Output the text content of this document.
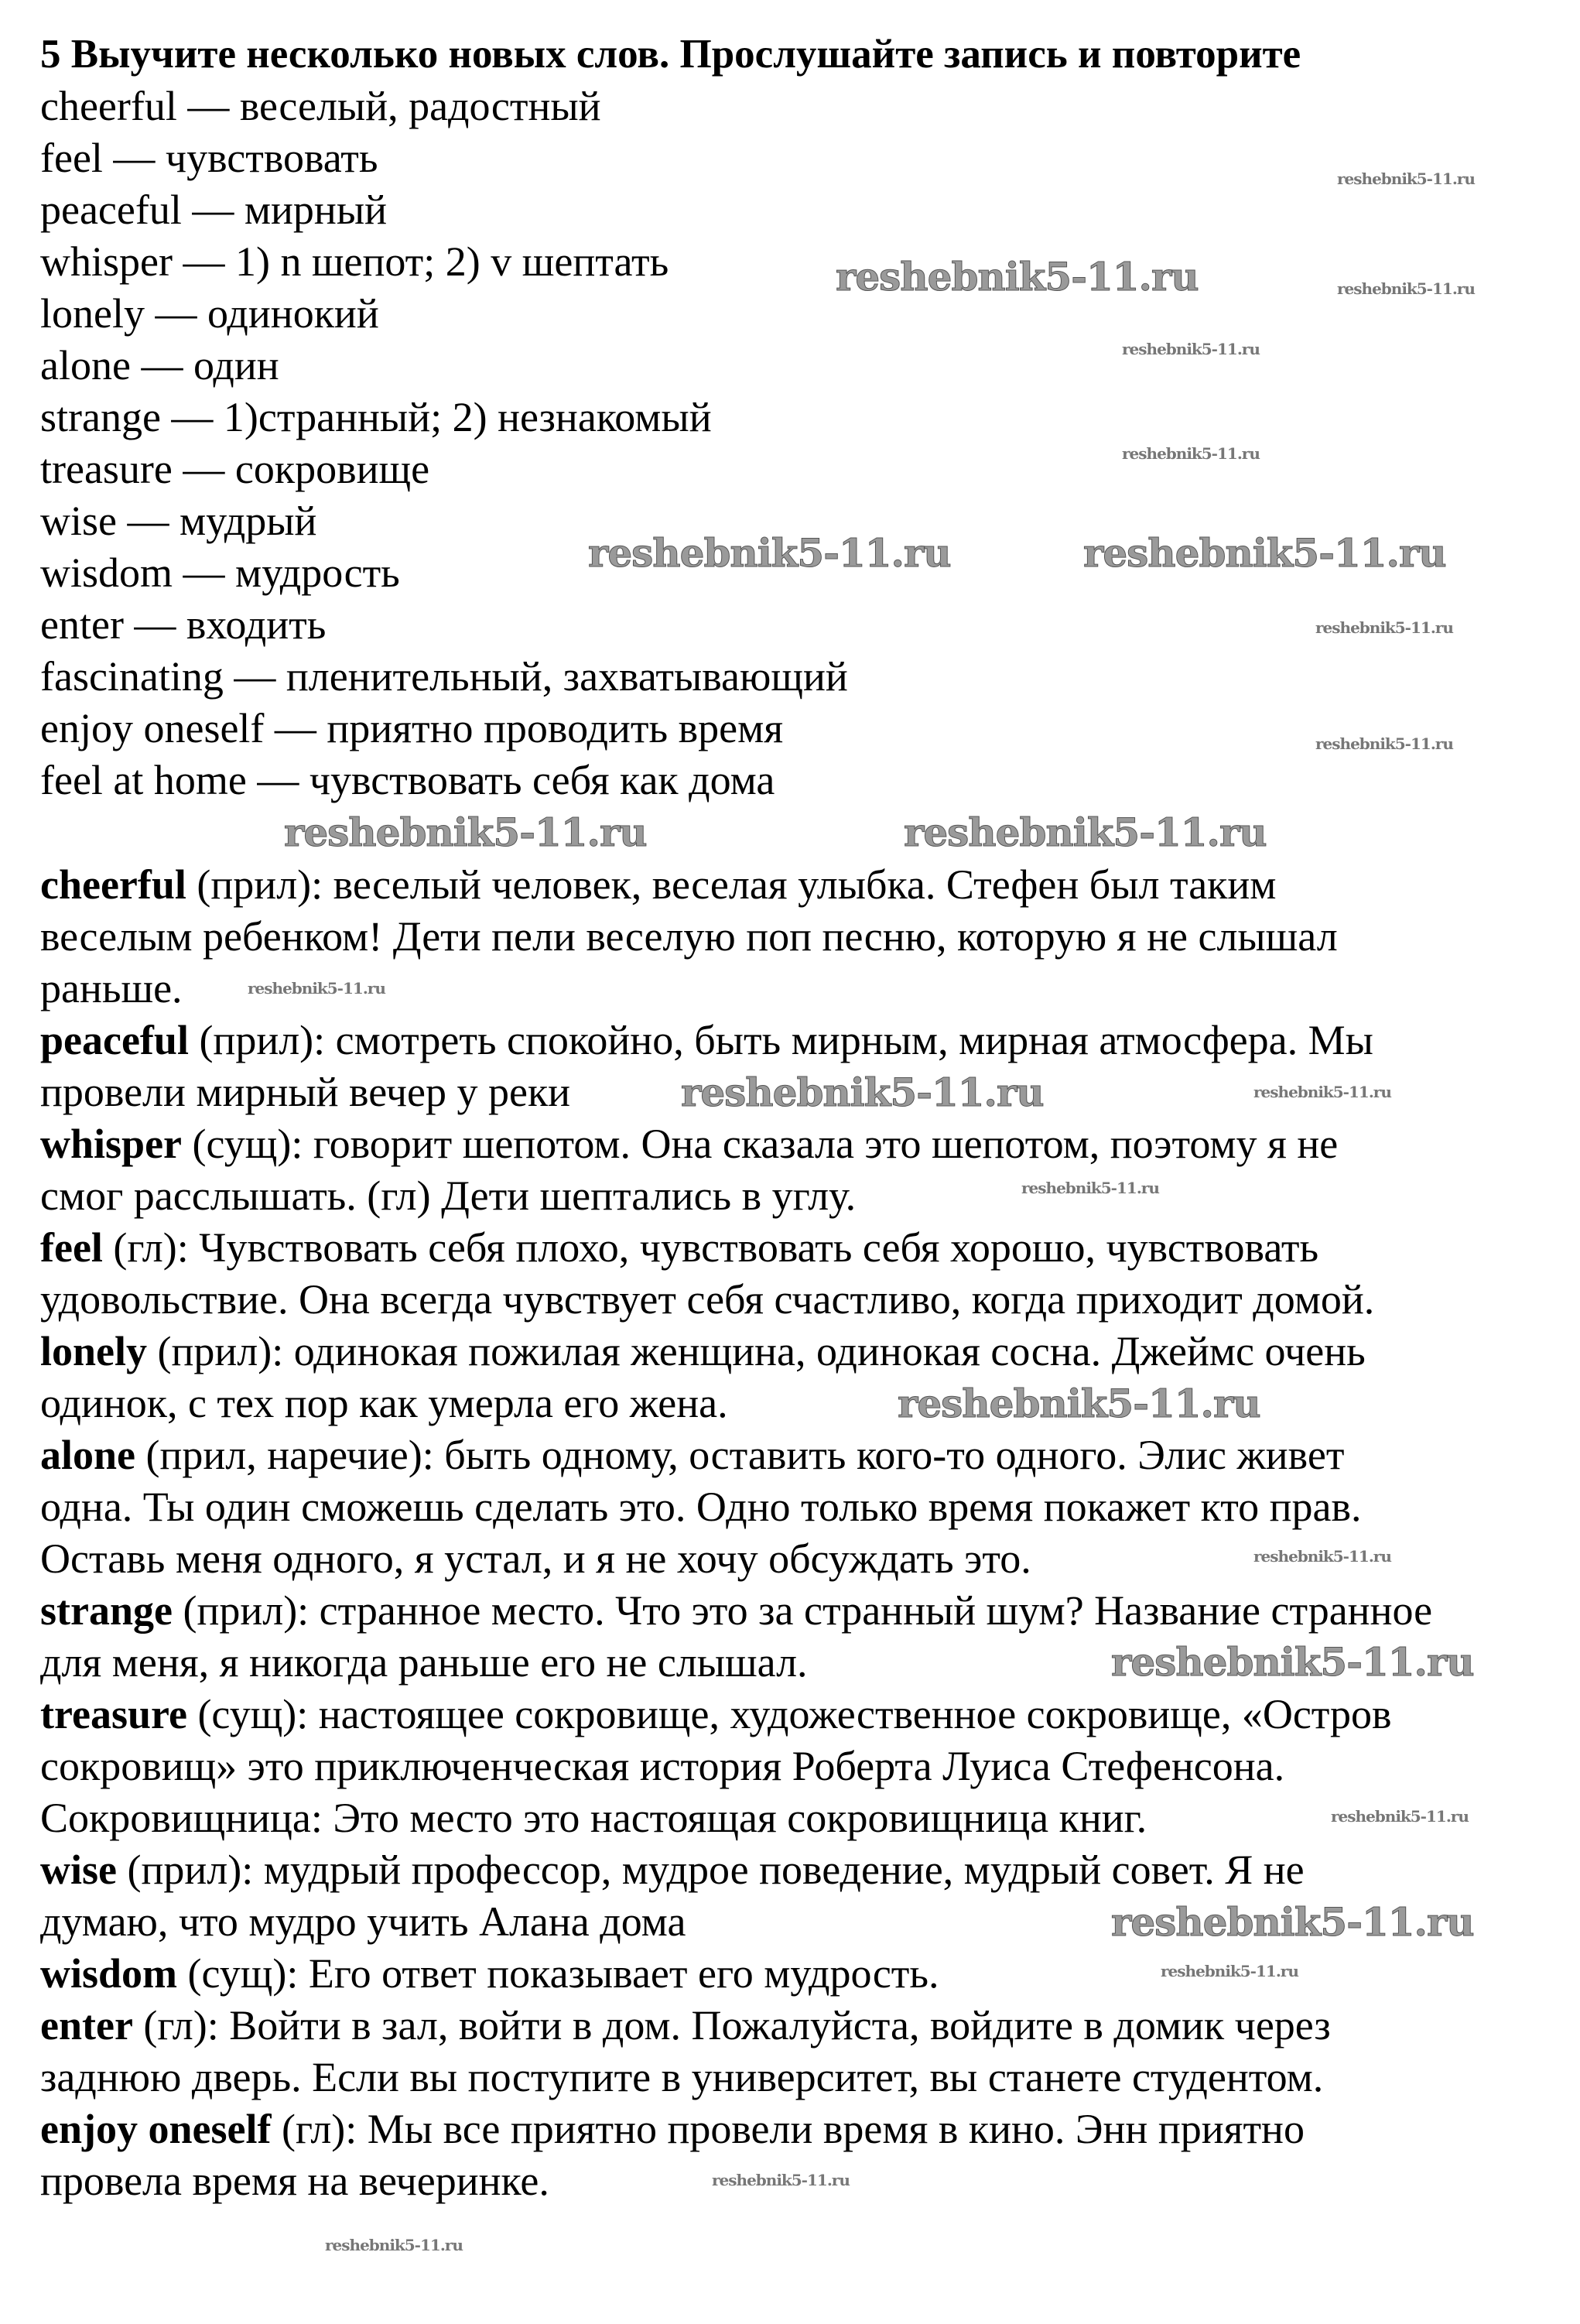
5 Выучите несколько новых слов. Прослушайте запись и повторите
cheerful — веселый, радостный
feel — чувствовать
peaceful — мирный
whisper — 1) n шепот; 2) v шептать
lonely — одинокий
alone — один
strange — 1)странный; 2) незнакомый
treasure — сокровище
wise — мудрый
wisdom — мудрость
enter — входить
fascinating — пленительный, захватывающий
enjoy oneself — приятно проводить время
feel at home — чувствовать себя как дома
cheerful (прил): веселый человек, веселая улыбка. Стефен был таким
веселым ребенком! Дети пели веселую поп песню, которую я не слышал
раньше.
peaceful (прил): смотреть спокойно, быть мирным, мирная атмосфера. Мы
провели мирный вечер у реки
whisper (сущ): говорит шепотом. Она сказала это шепотом, поэтому я не
смог расслышать. (гл) Дети шептались в углу.
feel (гл): Чувствовать себя плохо, чувствовать себя хорошо, чувствовать
удовольствие. Она всегда чувствует себя счастливо, когда приходит домой.
lonely (прил): одинокая пожилая женщина, одинокая сосна. Джеймс очень
одинок, с тех пор как умерла его жена.
alone (прил, наречие): быть одному, оставить кого-то одного. Элис живет
одна. Ты один сможешь сделать это. Одно только время покажет кто прав.
Оставь меня одного, я устал, и я не хочу обсуждать это.
strange (прил): странное место. Что это за странный шум? Название странное
для меня, я никогда раньше его не слышал.
treasure (сущ): настоящее сокровище, художественное сокровище, «Остров
сокровищ» это приключенческая история Роберта Луиса Стефенсона.
Сокровищница: Это место это настоящая сокровищница книг.
wise (прил): мудрый профессор, мудрое поведение, мудрый совет. Я не
думаю, что мудро учить Алана дома
wisdom (сущ): Его ответ показывает его мудрость.
enter (гл): Войти в зал, войти в дом. Пожалуйста, войдите в домик через
заднюю дверь. Если вы поступите в университет, вы станете студентом.
enjoy oneself (гл): Мы все приятно провели время в кино. Энн приятно
провела время на вечеринке.
reshebnik5-11.ru
reshebnik5-11.ru	reshebnik5-11.ru
reshebnik5-11.ru	reshebnik5-11.ru
reshebnik5-11.ru
reshebnik5-11.ru
reshebnik5-11.ru
reshebnik5-11.ru
reshebnik5-11.ru
reshebnik5-11.ru
reshebnik5-11.ru
reshebnik5-11.ru
reshebnik5-11.ru
reshebnik5-11.ru
reshebnik5-11.ru
reshebnik5-11.ru
reshebnik5-11.ru
reshebnik5-11.ru
reshebnik5-11.ru
reshebnik5-11.ru
reshebnik5-11.ru
reshebnik5-11.ru
